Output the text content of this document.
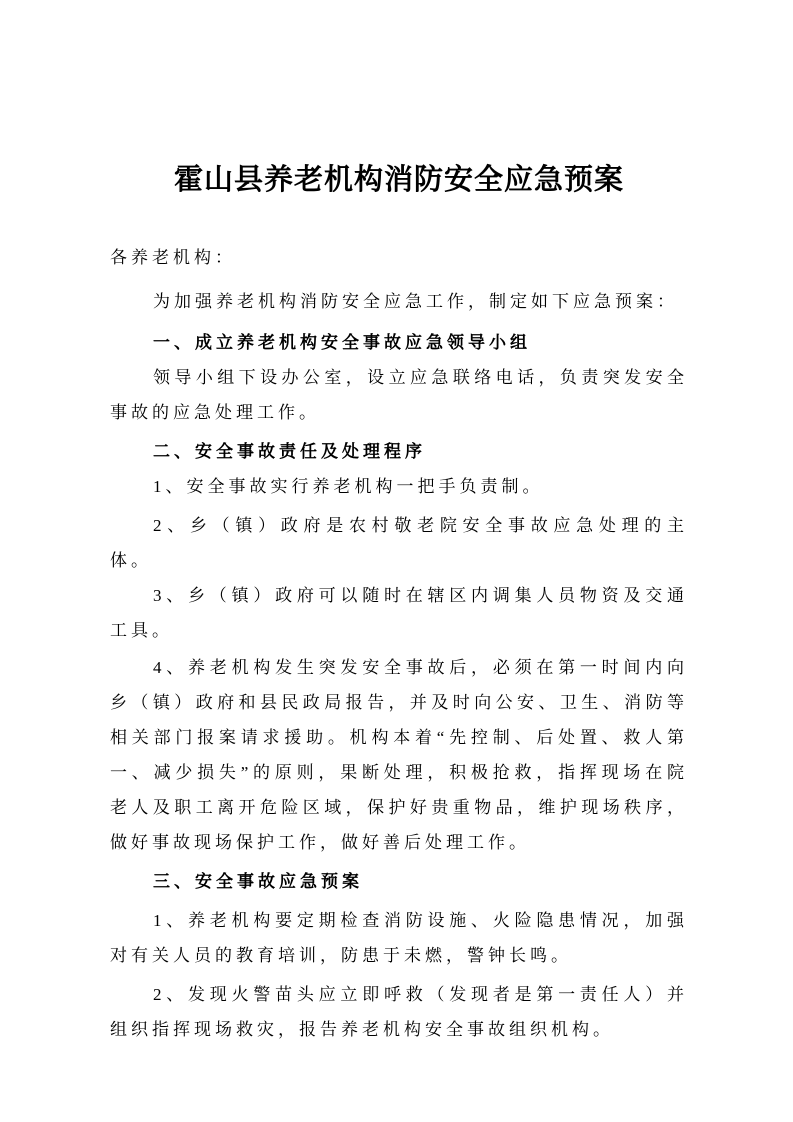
霍山县养老机构消防安全应急预案

各养老机构：

为加强养老机构消防安全应急工作，制定如下应急预案：

一、成立养老机构安全事故应急领导小组

领导小组下设办公室，设立应急联络电话，负责突发安全事故的应急处理工作。

二、安全事故责任及处理程序

1、安全事故实行养老机构一把手负责制。

2、乡（镇）政府是农村敬老院安全事故应急处理的主体。

3、乡（镇）政府可以随时在辖区内调集人员物资及交通工具。

4、养老机构发生突发安全事故后，必须在第一时间内向乡（镇）政府和县民政局报告，并及时向公安、卫生、消防等相关部门报案请求援助。机构本着“先控制、后处置、救人第一、减少损失”的原则，果断处理，积极抢救，指挥现场在院老人及职工离开危险区域，保护好贵重物品，维护现场秩序，做好事故现场保护工作，做好善后处理工作。

三、安全事故应急预案

1、养老机构要定期检查消防设施、火险隐患情况，加强对有关人员的教育培训，防患于未燃，警钟长鸣。

2、发现火警苗头应立即呼救（发现者是第一责任人）并组织指挥现场救灾，报告养老机构安全事故组织机构。
